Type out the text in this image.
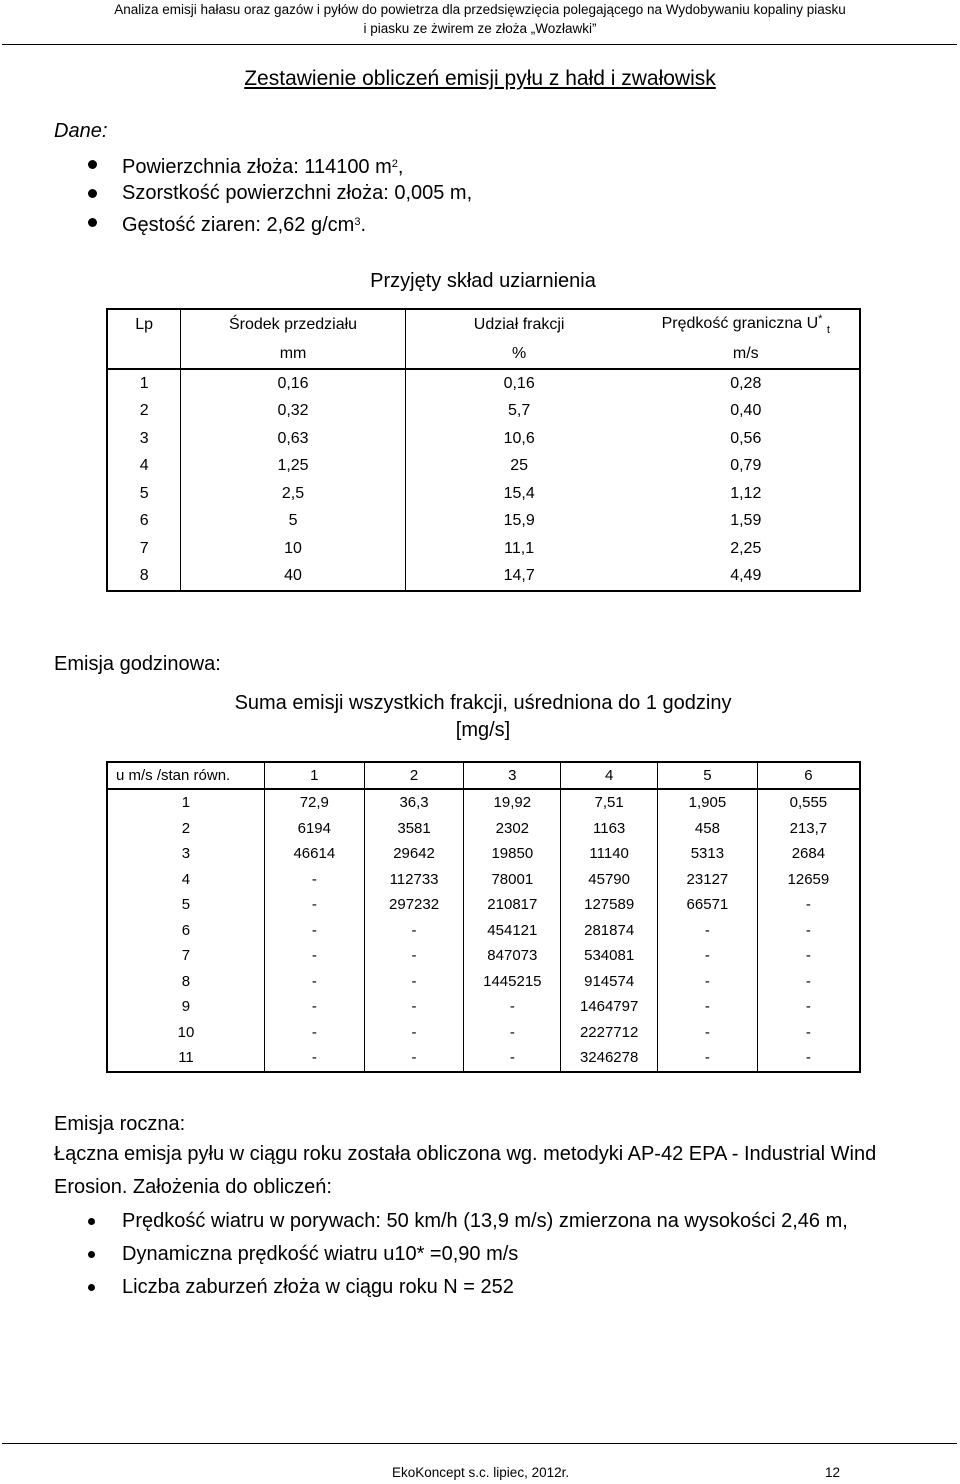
Analiza emisji hałasu oraz gazów i pyłów do powietrza dla przedsięwzięcia polegającego na Wydobywaniu kopaliny piasku
i piasku ze żwirem ze złoża „Wozławki”
Zestawienie obliczeń emisji pyłu z hałd i zwałowisk
Dane:
Powierzchnia złoża: 114100 $m^2$,
Szorstkość powierzchni złoża: 0,005 m,
Gęstość ziaren: 2,62 $g/cm^3$.
Przyjęty skład uziarnienia
Lp	Środek przedziału	Udział frakcji	Prędkość graniczna U* $_t$
	mm	%	m/s
1	0,16	0,16	0,28
2	0,32	5,7	0,40
3	0,63	10,6	0,56
4	1,25	25	0,79
5	2,5	15,4	1,12
6	5	15,9	1,59
7	10	11,1	2,25
8	40	14,7	4,49
Emisja godzinowa:
Suma emisji wszystkich frakcji, uśredniona do 1 godziny
[mg/s]
u m/s /stan równ.	1	2	3	4	5	6
1	72,9	36,3	19,92	7,51	1,905	0,555
2	6194	3581	2302	1163	458	213,7
3	46614	29642	19850	11140	5313	2684
4	-	112733	78001	45790	23127	12659
5	-	297232	210817	127589	66571	-
6	-	-	454121	281874	-	-
7	-	-	847073	534081	-	-
8	-	-	1445215	914574	-	-
9	-	-	-	1464797	-	-
10	-	-	-	2227712	-	-
11	-	-	-	3246278	-	-
Emisja roczna:
Łączna emisja pyłu w ciągu roku została obliczona wg. metodyki AP-42 EPA - Industrial Wind Erosion. Założenia do obliczeń:
Prędkość wiatru w porywach: 50 km/h (13,9 m/s) zmierzona na wysokości 2,46 m,
Dynamiczna prędkość wiatru u10* =0,90 m/s
Liczba zaburzeń złoża w ciągu roku N = 252
EkoKoncept s.c. lipiec, 2012r.	12
